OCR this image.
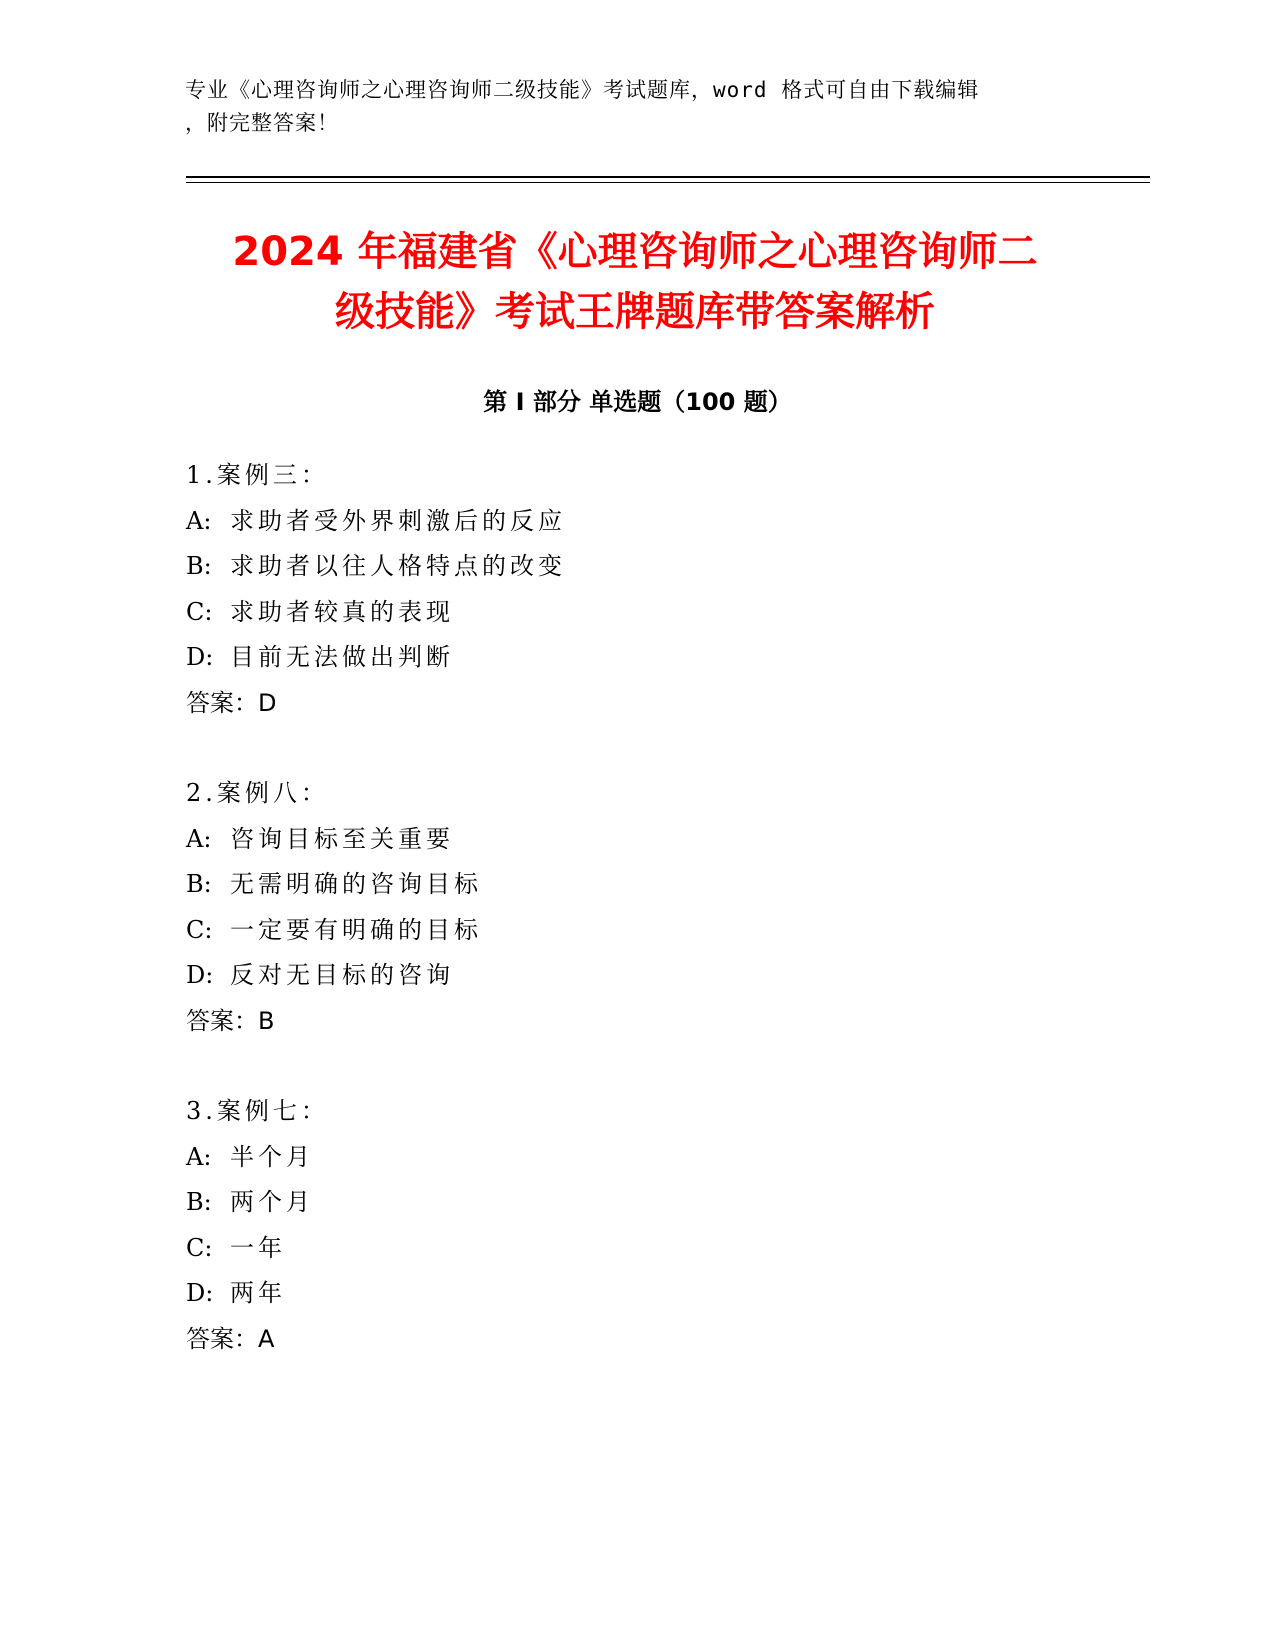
专业《心理咨询师之心理咨询师二级技能》考试题库，word 格式可自由下载编辑
，附完整答案！
2024 年福建省《心理咨询师之心理咨询师二
级技能》考试王牌题库带答案解析
第 I 部分 单选题（100 题）
1.案例三：
A: 求助者受外界刺激后的反应
B: 求助者以往人格特点的改变
C: 求助者较真的表现
D: 目前无法做出判断
答案：D
2.案例八：
A: 咨询目标至关重要
B: 无需明确的咨询目标
C: 一定要有明确的目标
D: 反对无目标的咨询
答案：B
3.案例七：
A: 半个月
B: 两个月
C: 一年
D: 两年
答案：A
